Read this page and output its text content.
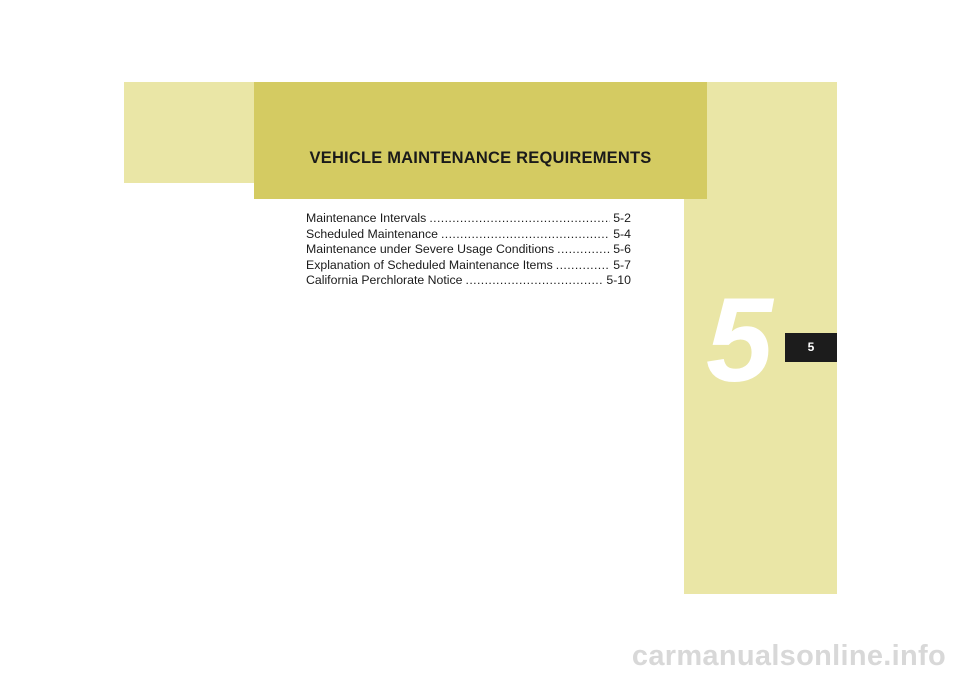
VEHICLE MAINTENANCE REQUIREMENTS
5	5
Maintenance Intervals .....	5-2
Scheduled Maintenance .....	5-4
Maintenance under Severe Usage Conditions .....	5-6
Explanation of Scheduled Maintenance Items .....	5-7
California Perchlorate Notice .....	5-10
carmanualsonline.info
